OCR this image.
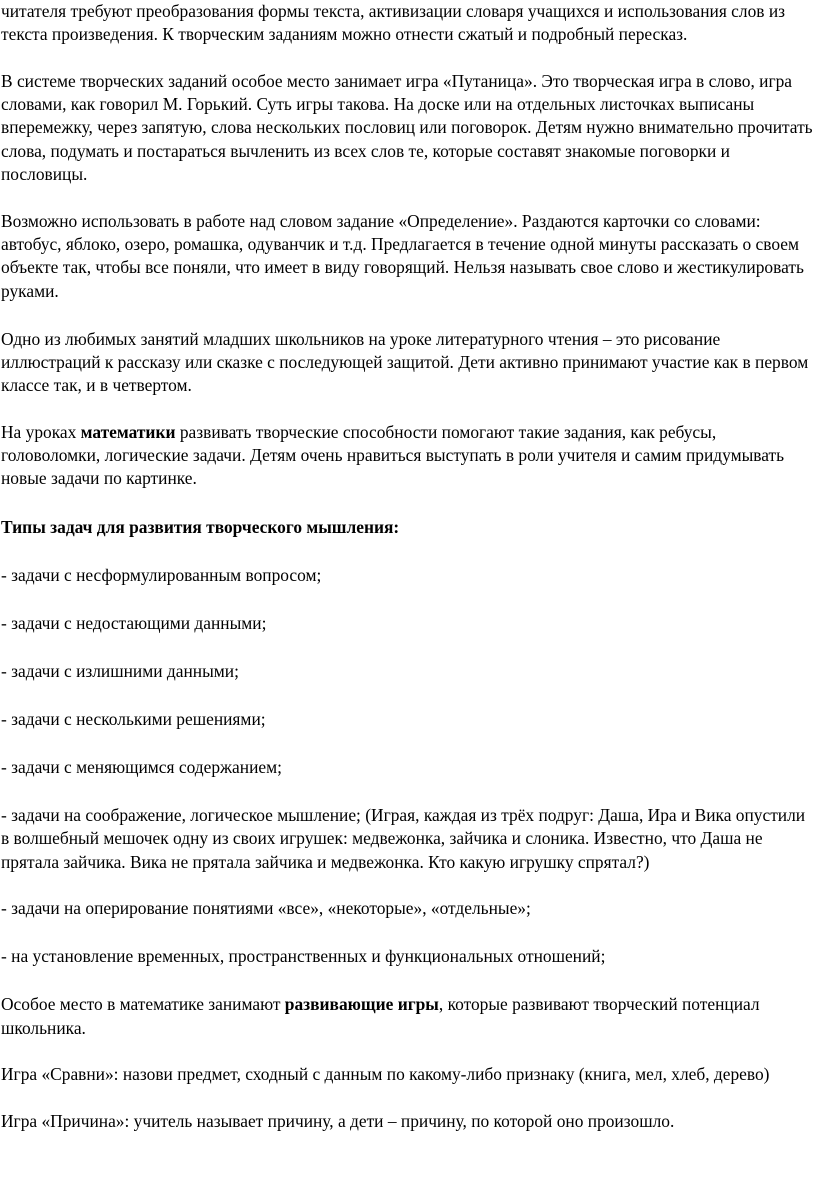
читателя требуют преобразования формы текста, активизации словаря учащихся и использования слов из текста произведения. К творческим заданиям можно отнести сжатый и подробный пересказ.

В системе творческих заданий особое место занимает игра «Путаница». Это творческая игра в слово, игра словами, как говорил М. Горький. Суть игры такова. На доске или на отдельных листочках выписаны вперемежку, через запятую, слова нескольких пословиц или поговорок. Детям нужно внимательно прочитать слова, подумать и постараться вычленить из всех слов те, которые составят знакомые поговорки и пословицы.

Возможно использовать в работе над словом задание «Определение». Раздаются карточки со словами: автобус, яблоко, озеро, ромашка, одуванчик и т.д. Предлагается в течение одной минуты рассказать о своем объекте так, чтобы все поняли, что имеет в виду говорящий. Нельзя называть свое слово и жестикулировать руками.

Одно из любимых занятий младших школьников на уроке литературного чтения – это рисование иллюстраций к рассказу или сказке с последующей защитой. Дети активно принимают участие как в первом классе так, и в четвертом.

На уроках математики развивать творческие способности помогают такие задания, как ребусы, головоломки, логические задачи. Детям очень нравиться выступать в роли учителя и самим придумывать новые задачи по картинке.

Типы задач для развития творческого мышления:

- задачи с несформулированным вопросом;

- задачи с недостающими данными;

- задачи с излишними данными;

- задачи с несколькими решениями;

- задачи с меняющимся содержанием;

- задачи на соображение, логическое мышление; (Играя, каждая из трёх подруг: Даша, Ира и Вика опустили в волшебный мешочек одну из своих игрушек: медвежонка, зайчика и слоника. Известно, что Даша не прятала зайчика. Вика не прятала зайчика и медвежонка. Кто какую игрушку спрятал?)

- задачи на оперирование понятиями «все», «некоторые», «отдельные»;

- на установление временных, пространственных и функциональных отношений;

Особое место в математике занимают развивающие игры, которые развивают творческий потенциал школьника.

Игра «Сравни»: назови предмет, сходный с данным по какому-либо признаку (книга, мел, хлеб, дерево)

Игра «Причина»: учитель называет причину, а дети – причину, по которой оно произошло.
